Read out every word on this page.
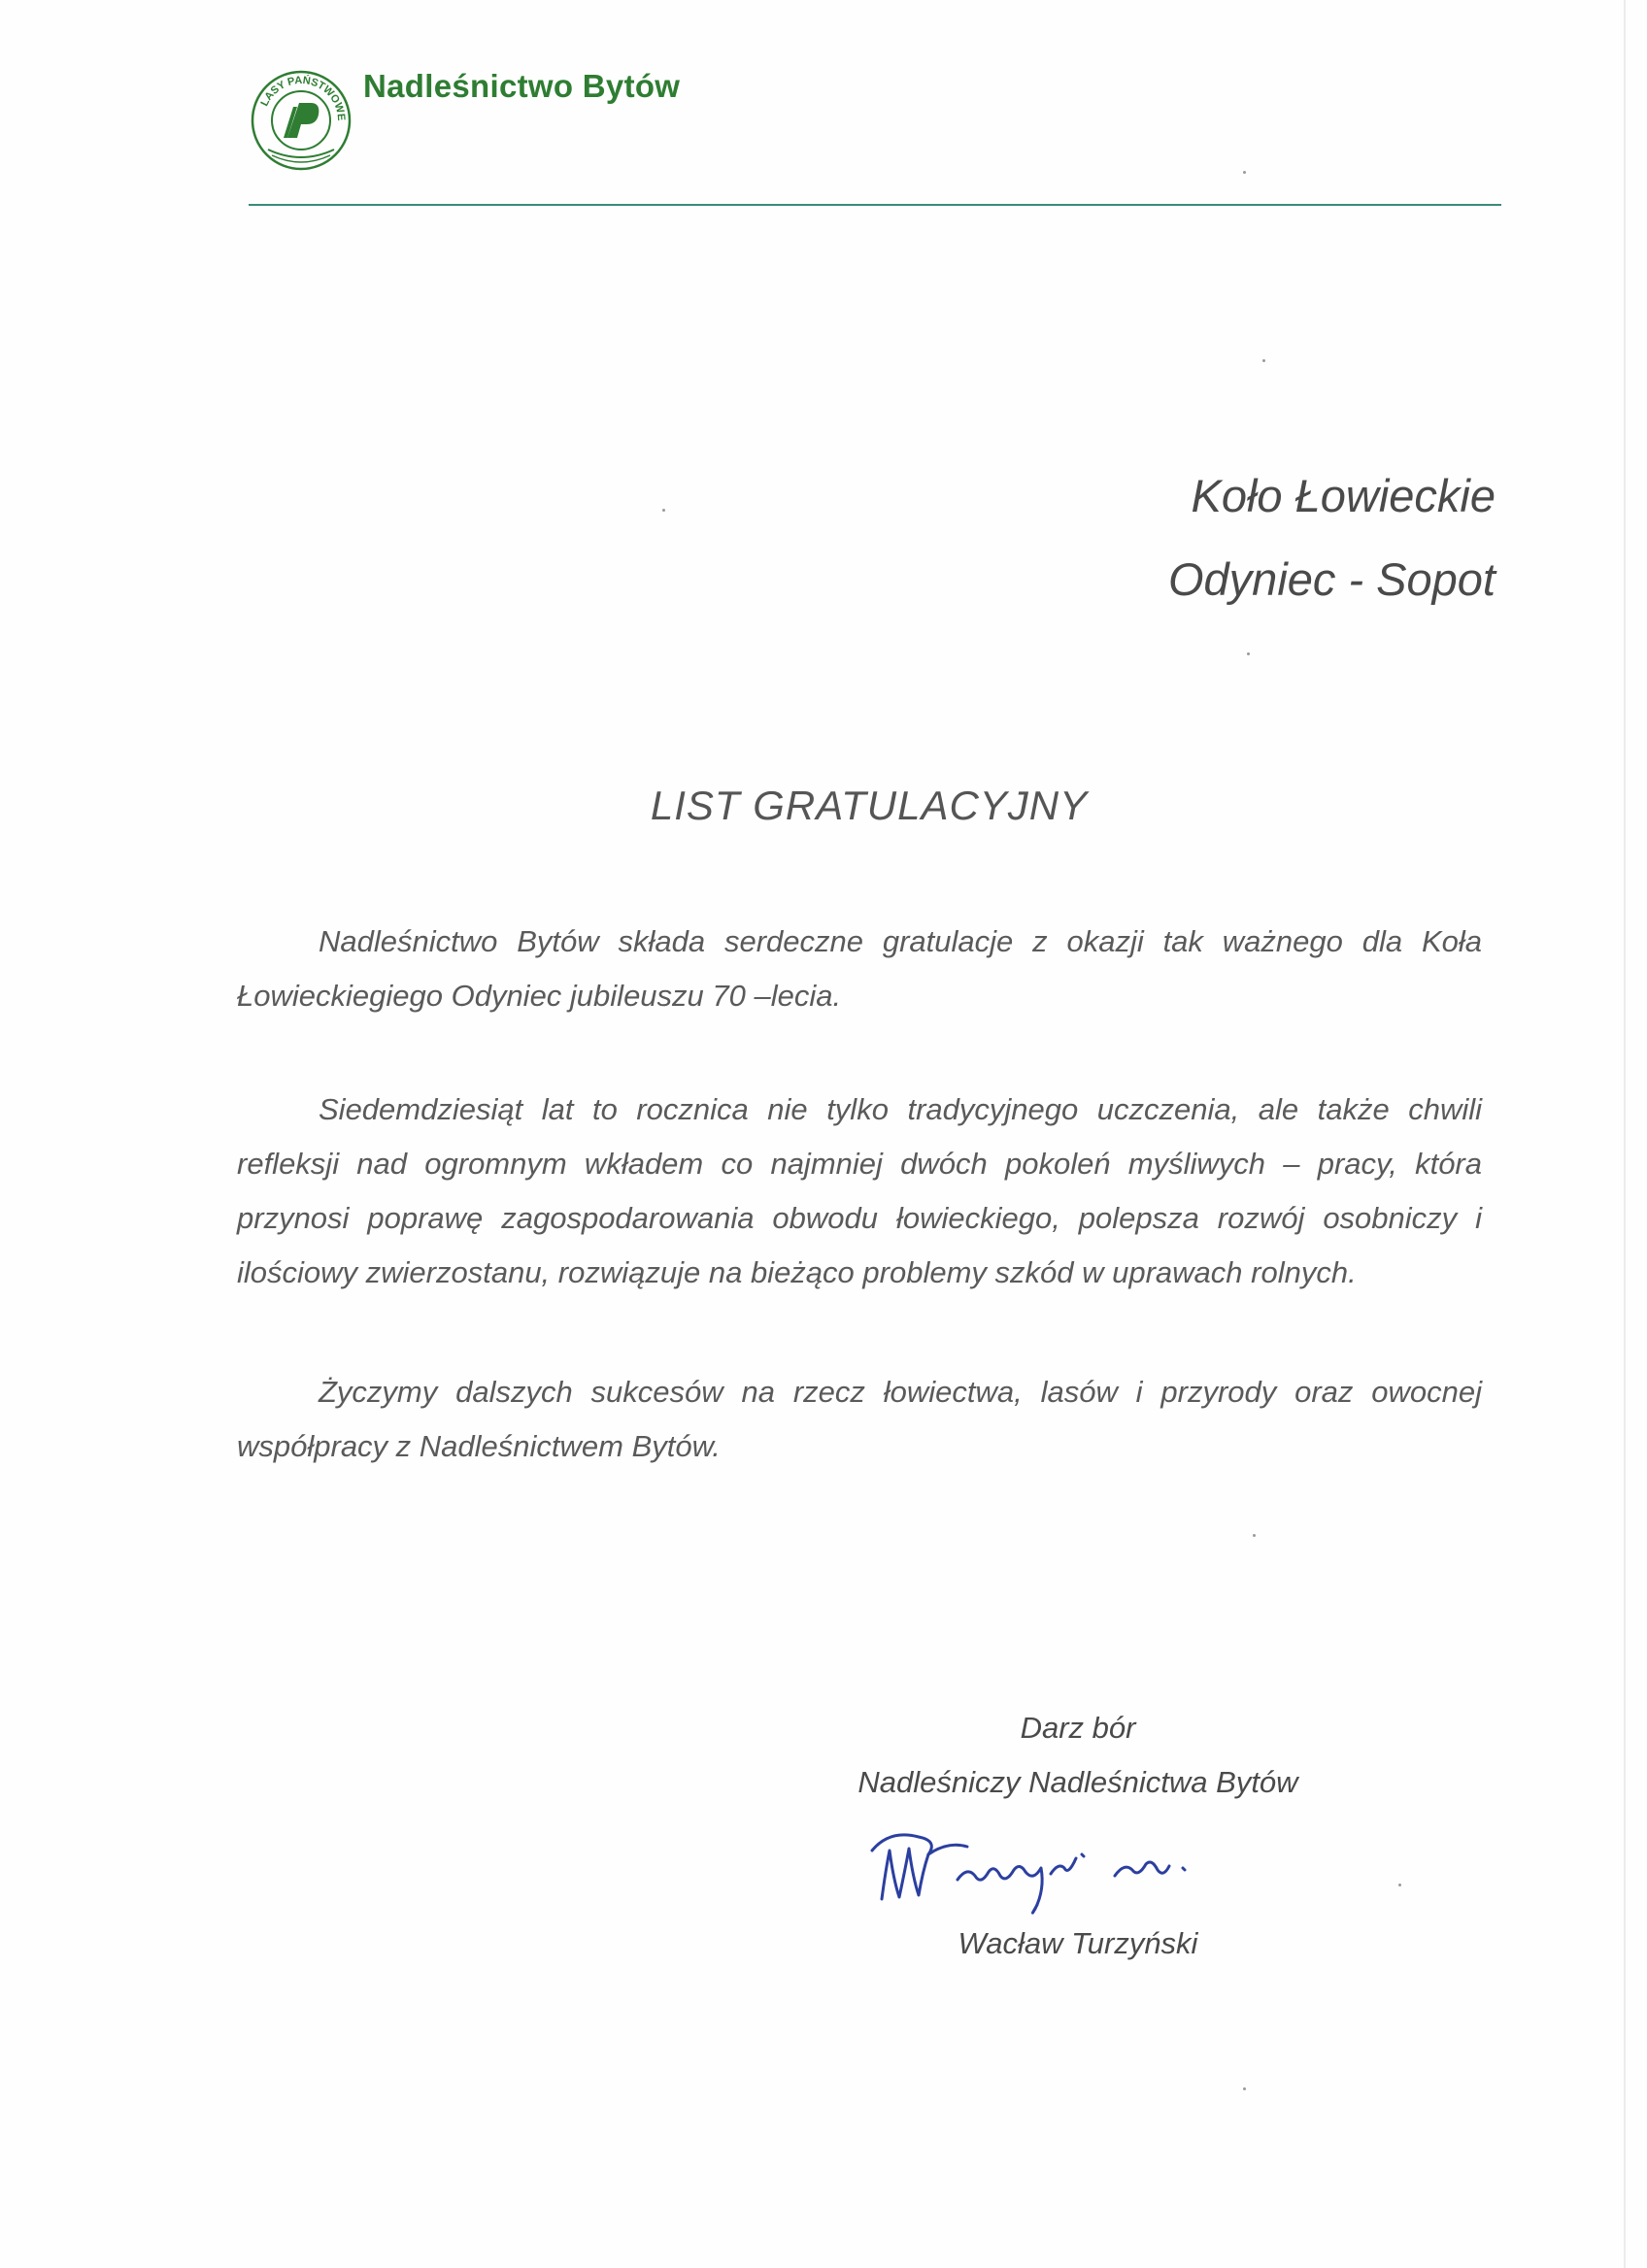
LASY PAŃSTWOWE
Nadleśnictwo Bytów
Koło Łowieckie
Odyniec - Sopot
LIST GRATULACYJNY

Nadleśnictwo Bytów składa serdeczne gratulacje z okazji tak ważnego dla Koła Łowieckiegiego Odyniec jubileuszu 70 –lecia.

Siedemdziesiąt lat to rocznica nie tylko tradycyjnego uczczenia, ale także chwili refleksji nad ogromnym wkładem co najmniej dwóch pokoleń myśliwych – pracy, która przynosi poprawę zagospodarowania obwodu łowieckiego, polepsza rozwój osobniczy i ilościowy zwierzostanu, rozwiązuje na bieżąco problemy szkód w uprawach rolnych.

Życzymy dalszych sukcesów na rzecz łowiectwa, lasów i przyrody oraz owocnej współpracy z Nadleśnictwem Bytów.

Darz bór
Nadleśniczy Nadleśnictwa Bytów
Wacław Turzyński
